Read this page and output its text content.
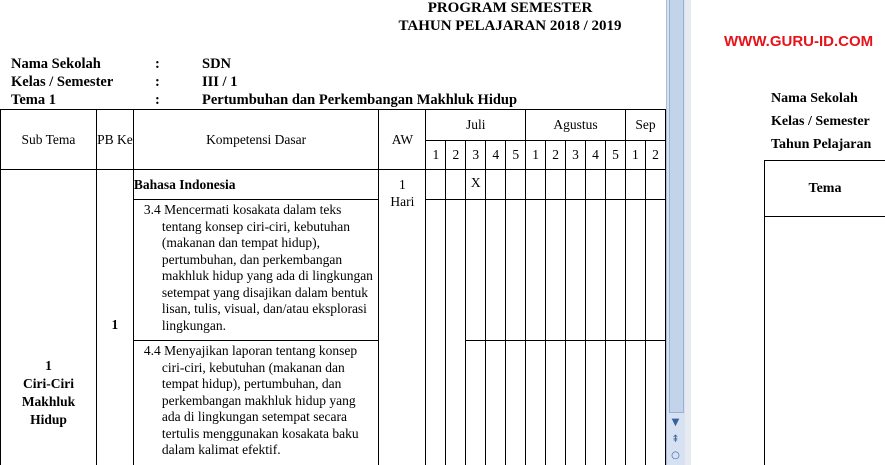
PROGRAM SEMESTER
TAHUN PELAJARAN 2018 / 2019
Nama Sekolah	:	SDN
Kelas / Semester	:	III / 1
Tema 1	:	Pertumbuhan dan Perkembangan Makhluk Hidup
Sub Tema	PB Ke	Kompetensi Dasar	AW	Juli					Agustus					Sep	
				1	2	3	4	5	1	2	3	4	5	1	2

1
Ciri-Ciri Makhluk Hidup	1	Bahasa Indonesia	1 Hari			X									

		3.4 Mencermati kosakata dalam teks tentang konsep ciri-ciri, kebutuhan (makanan dan tempat hidup), pertumbuhan, dan perkembangan makhluk hidup yang ada di lingkungan setempat yang disajikan dalam bentuk lisan, tulis, visual, dan/atau eksplorasi lingkungan.													

		4.4 Menyajikan laporan tentang konsep ciri-ciri, kebutuhan (makanan dan tempat hidup), pertumbuhan, dan perkembangan makhluk hidup yang ada di lingkungan setempat secara tertulis menggunakan kosakata baku dalam kalimat efektif.													

▼
⇞
○
WWW.GURU-ID.COM
Nama Sekolah
Kelas / Semester
Tahun Pelajaran
Tema
